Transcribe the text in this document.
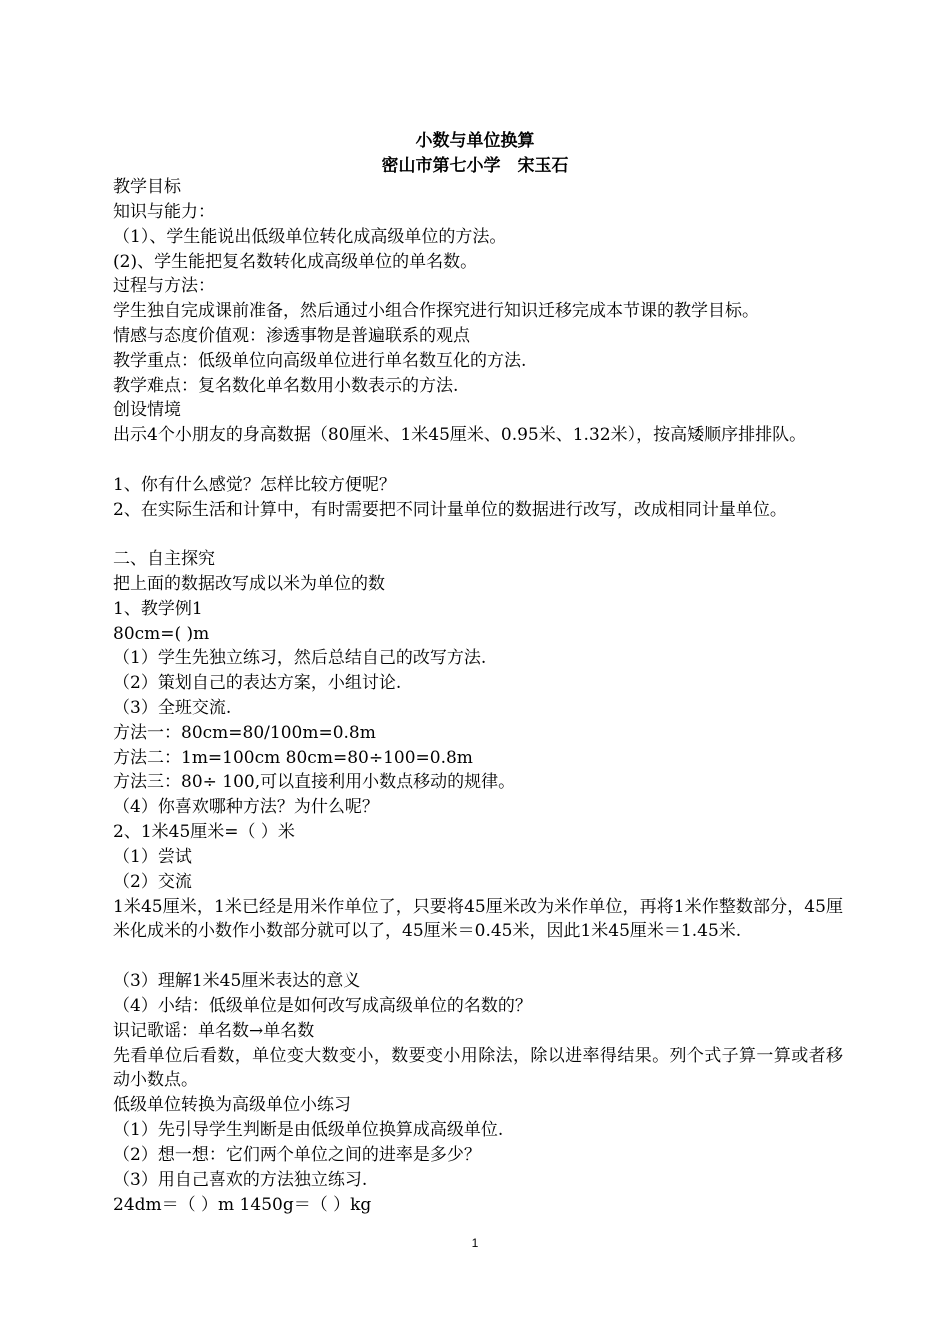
小数与单位换算
密山市第七小学　宋玉石
教学目标
知识与能力：
（1）、学生能说出低级单位转化成高级单位的方法。
(2)、学生能把复名数转化成高级单位的单名数。
过程与方法：
学生独自完成课前准备，然后通过小组合作探究进行知识迁移完成本节课的教学目标。
情感与态度价值观：渗透事物是普遍联系的观点
教学重点：低级单位向高级单位进行单名数互化的方法.
教学难点：复名数化单名数用小数表示的方法.
创设情境
出示4个小朋友的身高数据（80厘米、1米45厘米、0.95米、1.32米），按高矮顺序排排队。
1、你有什么感觉？怎样比较方便呢？
2、在实际生活和计算中，有时需要把不同计量单位的数据进行改写，改成相同计量单位。
二、自主探究
把上面的数据改写成以米为单位的数
1、教学例1
80cm=( )m
（1）学生先独立练习，然后总结自己的改写方法.
（2）策划自己的表达方案，小组讨论.
（3）全班交流.
方法一：80cm=80/100m=0.8m
方法二：1m=100cm 80cm=80÷100=0.8m
方法三：80÷ 100,可以直接利用小数点移动的规律。
（4）你喜欢哪种方法？为什么呢？
2、1米45厘米=（ ）米
（1）尝试
（2）交流
1米45厘米，1米已经是用米作单位了，只要将45厘米改为米作单位，再将1米作整数部分，45厘米化成米的小数作小数部分就可以了，45厘米＝0.45米，因此1米45厘米＝1.45米.
（3）理解1米45厘米表达的意义
（4）小结：低级单位是如何改写成高级单位的名数的？
识记歌谣：单名数→单名数
先看单位后看数，单位变大数变小，数要变小用除法，除以进率得结果。列个式子算一算或者移动小数点。
低级单位转换为高级单位小练习
（1）先引导学生判断是由低级单位换算成高级单位.
（2）想一想：它们两个单位之间的进率是多少？
（3）用自己喜欢的方法独立练习.
24dm＝（ ）m 1450g＝（ ）kg
1
